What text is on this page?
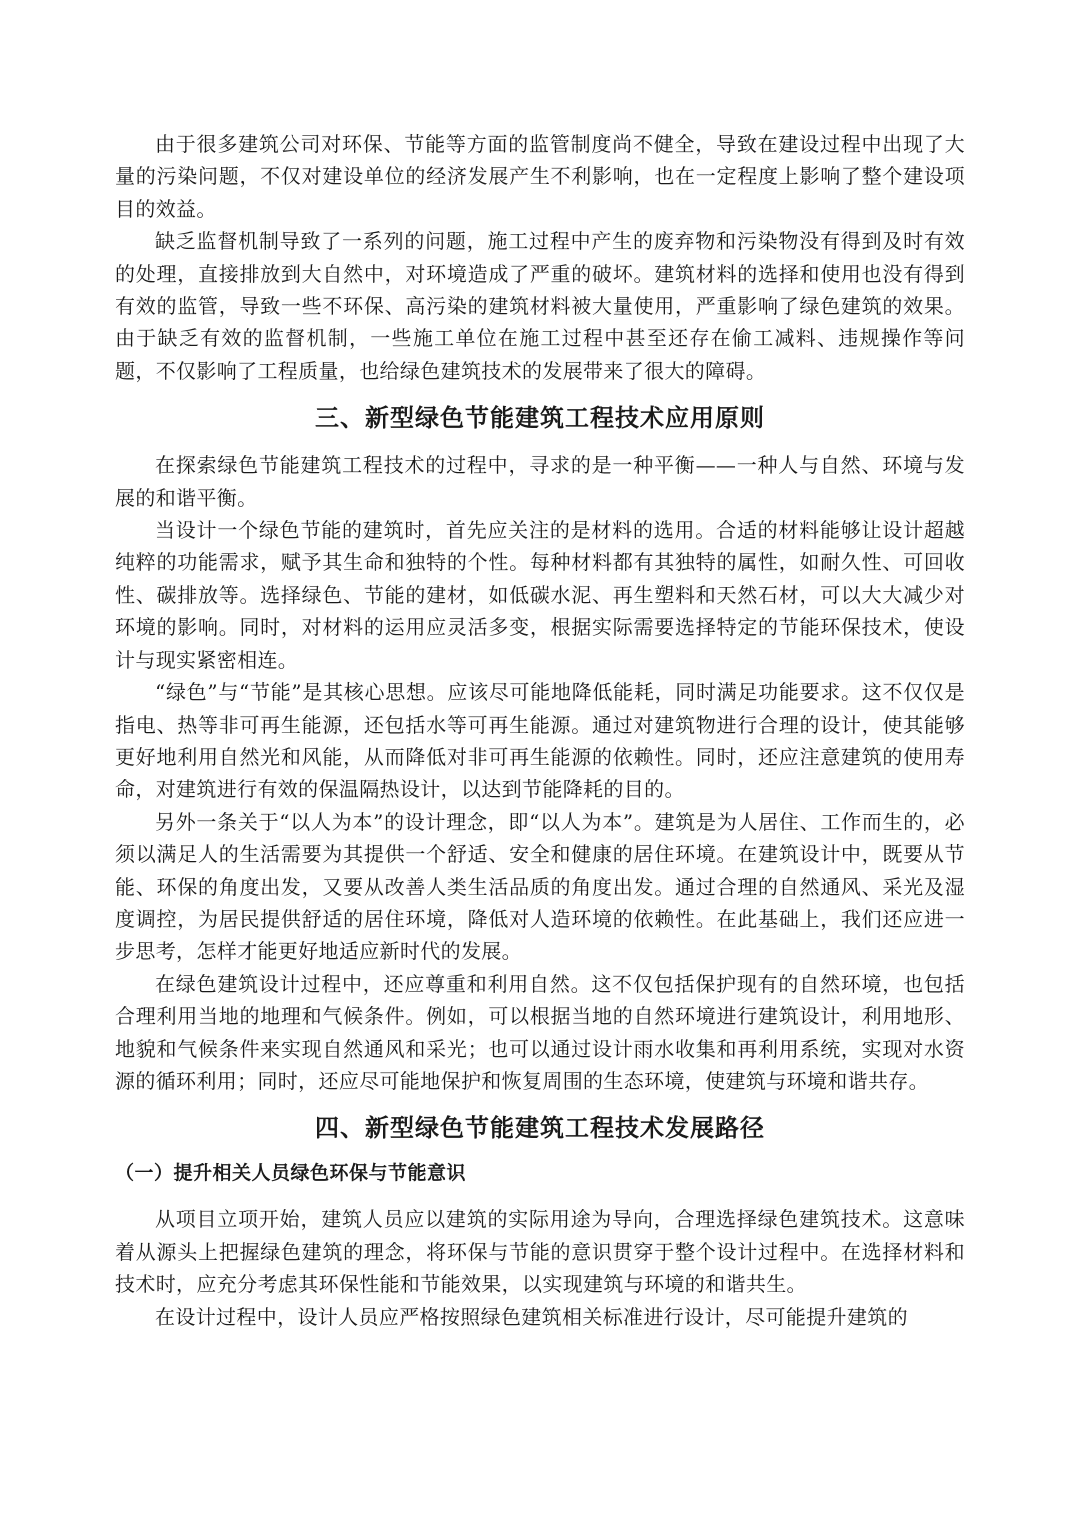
由于很多建筑公司对环保、节能等方面的监管制度尚不健全，导致在建设过程中出现了大量的污染问题，不仅对建设单位的经济发展产生不利影响，也在一定程度上影响了整个建设项目的效益。

缺乏监督机制导致了一系列的问题，施工过程中产生的废弃物和污染物没有得到及时有效的处理，直接排放到大自然中，对环境造成了严重的破坏。建筑材料的选择和使用也没有得到有效的监管，导致一些不环保、高污染的建筑材料被大量使用，严重影响了绿色建筑的效果。由于缺乏有效的监督机制，一些施工单位在施工过程中甚至还存在偷工减料、违规操作等问题，不仅影响了工程质量，也给绿色建筑技术的发展带来了很大的障碍。

三、新型绿色节能建筑工程技术应用原则

在探索绿色节能建筑工程技术的过程中，寻求的是一种平衡——一种人与自然、环境与发展的和谐平衡。

当设计一个绿色节能的建筑时，首先应关注的是材料的选用。合适的材料能够让设计超越纯粹的功能需求，赋予其生命和独特的个性。每种材料都有其独特的属性，如耐久性、可回收性、碳排放等。选择绿色、节能的建材，如低碳水泥、再生塑料和天然石材，可以大大减少对环境的影响。同时，对材料的运用应灵活多变，根据实际需要选择特定的节能环保技术，使设计与现实紧密相连。

“绿色”与“节能”是其核心思想。应该尽可能地降低能耗，同时满足功能要求。这不仅仅是指电、热等非可再生能源，还包括水等可再生能源。通过对建筑物进行合理的设计，使其能够更好地利用自然光和风能，从而降低对非可再生能源的依赖性。同时，还应注意建筑的使用寿命，对建筑进行有效的保温隔热设计，以达到节能降耗的目的。

另外一条关于“以人为本”的设计理念，即“以人为本”。建筑是为人居住、工作而生的，必须以满足人的生活需要为其提供一个舒适、安全和健康的居住环境。在建筑设计中，既要从节能、环保的角度出发，又要从改善人类生活品质的角度出发。通过合理的自然通风、采光及湿度调控，为居民提供舒适的居住环境，降低对人造环境的依赖性。在此基础上，我们还应进一步思考，怎样才能更好地适应新时代的发展。

在绿色建筑设计过程中，还应尊重和利用自然。这不仅包括保护现有的自然环境，也包括合理利用当地的地理和气候条件。例如，可以根据当地的自然环境进行建筑设计，利用地形、地貌和气候条件来实现自然通风和采光；也可以通过设计雨水收集和再利用系统，实现对水资源的循环利用；同时，还应尽可能地保护和恢复周围的生态环境，使建筑与环境和谐共存。

四、新型绿色节能建筑工程技术发展路径
（一）提升相关人员绿色环保与节能意识

从项目立项开始，建筑人员应以建筑的实际用途为导向，合理选择绿色建筑技术。这意味着从源头上把握绿色建筑的理念，将环保与节能的意识贯穿于整个设计过程中。在选择材料和技术时，应充分考虑其环保性能和节能效果，以实现建筑与环境的和谐共生。

在设计过程中，设计人员应严格按照绿色建筑相关标准进行设计，尽可能提升建筑的
